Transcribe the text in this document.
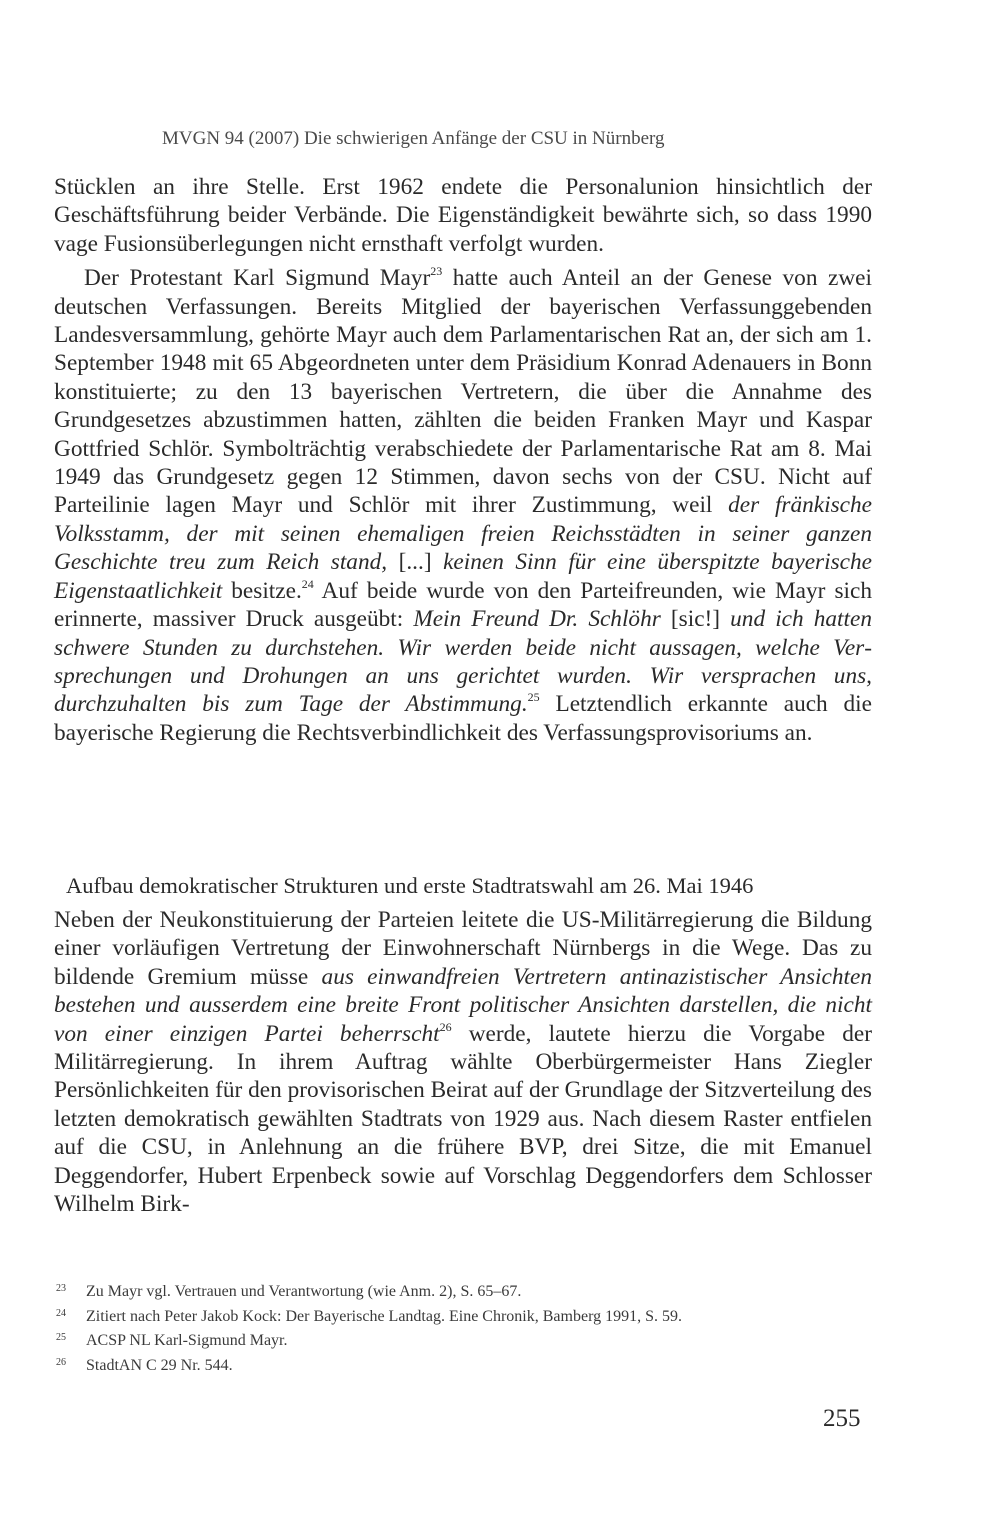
MVGN 94 (2007) Die schwierigen Anfänge der CSU in Nürnberg

Stücklen an ihre Stelle. Erst 1962 endete die Personalunion hinsichtlich der Geschäftsführung beider Verbände. Die Eigenständigkeit bewährte sich, so dass 1990 vage Fusionsüberlegungen nicht ernsthaft verfolgt wurden.

Der Protestant Karl Sigmund Mayr$^{23}$ hatte auch Anteil an der Genese von zwei deutschen Verfassungen. Bereits Mitglied der bayerischen Verfassunggebenden Landesversammlung, gehörte Mayr auch dem Parlamentarischen Rat an, der sich am 1. September 1948 mit 65 Abgeordneten unter dem Präsidium Konrad Adenauers in Bonn konstituierte; zu den 13 bayerischen Vertretern, die über die Annahme des Grundgesetzes abzustimmen hatten, zählten die beiden Franken Mayr und Kaspar Gottfried Schlör. Symbolträchtig verabschiedete der Parlamentarische Rat am 8. Mai 1949 das Grundgesetz gegen 12 Stimmen, davon sechs von der CSU. Nicht auf Parteilinie lagen Mayr und Schlör mit ihrer Zustimmung, weil der fränkische Volksstamm, der mit seinen ehemaligen freien Reichsstädten in seiner ganzen Geschichte treu zum Reich stand, [...] keinen Sinn für eine überspitzte bayerische Eigenstaatlichkeit besitze.$^{24}$ Auf beide wurde von den Parteifreunden, wie Mayr sich erinnerte, massiver Druck ausgeübt: Mein Freund Dr. Schlöhr [sic!] und ich hatten schwere Stunden zu durchstehen. Wir werden beide nicht aussagen, welche Versprechungen und Drohungen an uns gerichtet wurden. Wir versprachen uns, durchzuhalten bis zum Tage der Abstimmung.$^{25}$ Letztendlich erkannte auch die bayerische Regierung die Rechtsverbindlichkeit des Verfassungsprovisoriums an.

Aufbau demokratischer Strukturen und erste Stadtratswahl am 26. Mai 1946

Neben der Neukonstituierung der Parteien leitete die US-Militärregierung die Bildung einer vorläufigen Vertretung der Einwohnerschaft Nürnbergs in die Wege. Das zu bildende Gremium müsse aus einwandfreien Vertretern antinazistischer Ansichten bestehen und ausserdem eine breite Front politischer Ansichten darstellen, die nicht von einer einzigen Partei beherrscht$^{26}$ werde, lautete hierzu die Vorgabe der Militärregierung. In ihrem Auftrag wählte Oberbürgermeister Hans Ziegler Persönlichkeiten für den provisorischen Beirat auf der Grundlage der Sitzverteilung des letzten demokratisch gewählten Stadtrats von 1929 aus. Nach diesem Raster entfielen auf die CSU, in Anlehnung an die frühere BVP, drei Sitze, die mit Emanuel Deggendorfer, Hubert Erpenbeck sowie auf Vorschlag Deggendorfers dem Schlosser Wilhelm Birk-

23 Zu Mayr vgl. Vertrauen und Verantwortung (wie Anm. 2), S. 65–67.
24 Zitiert nach Peter Jakob Kock: Der Bayerische Landtag. Eine Chronik, Bamberg 1991, S. 59.
25 ACSP NL Karl-Sigmund Mayr.
26 StadtAN C 29 Nr. 544.
255
